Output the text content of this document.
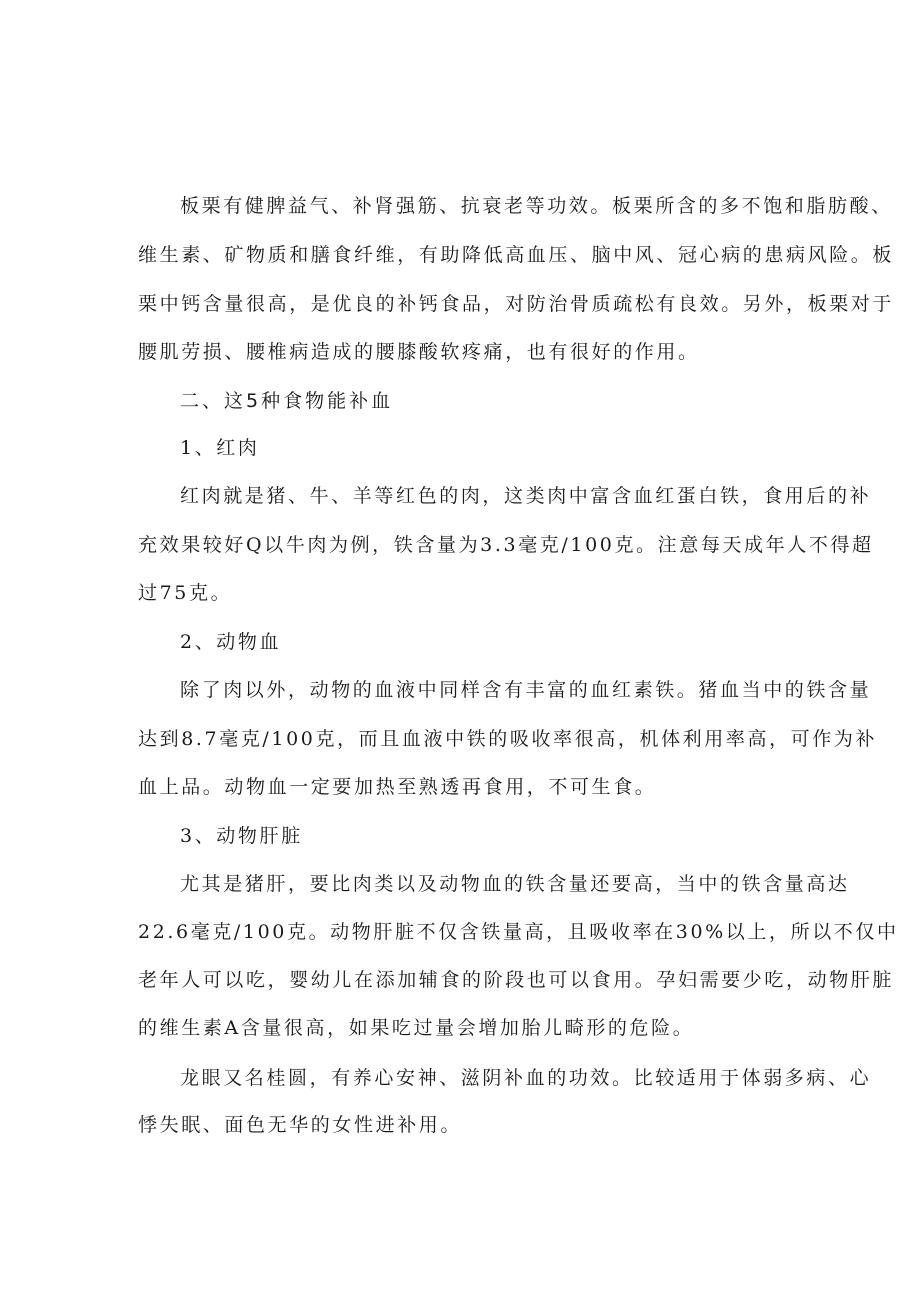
板栗有健脾益气、补肾强筋、抗衰老等功效。板栗所含的多不饱和脂肪酸、
维生素、矿物质和膳食纤维，有助降低高血压、脑中风、冠心病的患病风险。板
栗中钙含量很高，是优良的补钙食品，对防治骨质疏松有良效。另外，板栗对于
腰肌劳损、腰椎病造成的腰膝酸软疼痛，也有很好的作用。
二、这5种食物能补血
1、红肉
红肉就是猪、牛、羊等红色的肉，这类肉中富含血红蛋白铁，食用后的补
充效果较好Q以牛肉为例，铁含量为3.3毫克/100克。注意每天成年人不得超
过75克。
2、动物血
除了肉以外，动物的血液中同样含有丰富的血红素铁。猪血当中的铁含量
达到8.7毫克/100克，而且血液中铁的吸收率很高，机体利用率高，可作为补
血上品。动物血一定要加热至熟透再食用，不可生食。
3、动物肝脏
尤其是猪肝，要比肉类以及动物血的铁含量还要高，当中的铁含量高达
22.6毫克/100克。动物肝脏不仅含铁量高，且吸收率在30%以上，所以不仅中
老年人可以吃，婴幼儿在添加辅食的阶段也可以食用。孕妇需要少吃，动物肝脏
的维生素A含量很高，如果吃过量会增加胎儿畸形的危险。
龙眼又名桂圆，有养心安神、滋阴补血的功效。比较适用于体弱多病、心
悸失眠、面色无华的女性进补用。
